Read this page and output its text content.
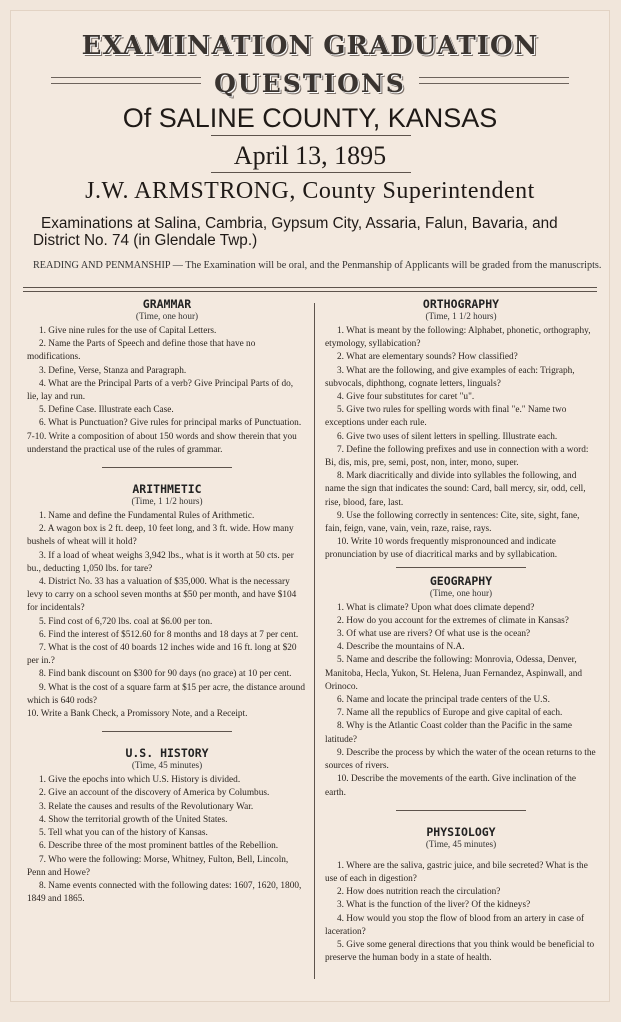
EXAMINATION GRADUATION
QUESTIONS
Of SALINE COUNTY, KANSAS
April 13, 1895
J.W. ARMSTRONG, County Superintendent
Examinations at Salina, Cambria, Gypsum City, Assaria, Falun, Bavaria, and District No. 74 (in Glendale Twp.)
READING AND PENMANSHIP — The Examination will be oral, and the Penmanship of Applicants will be graded from the manuscripts.
GRAMMAR
(Time, one hour)

1. Give nine rules for the use of Capital Letters.

2. Name the Parts of Speech and define those that have no modifications.

3. Define, Verse, Stanza and Paragraph.

4. What are the Principal Parts of a verb? Give Principal Parts of do, lie, lay and run.

5. Define Case. Illustrate each Case.

6. What is Punctuation? Give rules for principal marks of Punctuation.

7-10. Write a composition of about 150 words and show therein that you understand the practical use of the rules of grammar.

ARITHMETIC
(Time, 1 1/2 hours)

1. Name and define the Fundamental Rules of Arithmetic.

2. A wagon box is 2 ft. deep, 10 feet long, and 3 ft. wide. How many bushels of wheat will it hold?

3. If a load of wheat weighs 3,942 lbs., what is it worth at 50 cts. per bu., deducting 1,050 lbs. for tare?

4. District No. 33 has a valuation of $35,000. What is the necessary levy to carry on a school seven months at $50 per month, and have $104 for incidentals?

5. Find cost of 6,720 lbs. coal at $6.00 per ton.

6. Find the interest of $512.60 for 8 months and 18 days at 7 per cent.

7. What is the cost of 40 boards 12 inches wide and 16 ft. long at $20 per in.?

8. Find bank discount on $300 for 90 days (no grace) at 10 per cent.

9. What is the cost of a square farm at $15 per acre, the distance around which is 640 rods?

10. Write a Bank Check, a Promissory Note, and a Receipt.

U.S. HISTORY
(Time, 45 minutes)

1. Give the epochs into which U.S. History is divided.

2. Give an account of the discovery of America by Columbus.

3. Relate the causes and results of the Revolutionary War.

4. Show the territorial growth of the United States.

5. Tell what you can of the history of Kansas.

6. Describe three of the most prominent battles of the Rebellion.

7. Who were the following: Morse, Whitney, Fulton, Bell, Lincoln, Penn and Howe?

8. Name events connected with the following dates: 1607, 1620, 1800, 1849 and 1865.

ORTHOGRAPHY
(Time, 1 1/2 hours)

1. What is meant by the following: Alphabet, phonetic, orthography, etymology, syllabication?

2. What are elementary sounds? How classified?

3. What are the following, and give examples of each: Trigraph, subvocals, diphthong, cognate letters, linguals?

4. Give four substitutes for caret "u".

5. Give two rules for spelling words with final "e." Name two exceptions under each rule.

6. Give two uses of silent letters in spelling. Illustrate each.

7. Define the following prefixes and use in connection with a word: Bi, dis, mis, pre, semi, post, non, inter, mono, super.

8. Mark diacritically and divide into syllables the following, and name the sign that indicates the sound: Card, ball mercy, sir, odd, cell, rise, blood, fare, last.

9. Use the following correctly in sentences: Cite, site, sight, fane, fain, feign, vane, vain, vein, raze, raise, rays.

10. Write 10 words frequently mispronounced and indicate pronunciation by use of diacritical marks and by syllabication.

GEOGRAPHY
(Time, one hour)

1. What is climate? Upon what does climate depend?

2. How do you account for the extremes of climate in Kansas?

3. Of what use are rivers? Of what use is the ocean?

4. Describe the mountains of N.A.

5. Name and describe the following: Monrovia, Odessa, Denver, Manitoba, Hecla, Yukon, St. Helena, Juan Fernandez, Aspinwall, and Orinoco.

6. Name and locate the principal trade centers of the U.S.

7. Name all the republics of Europe and give capital of each.

8. Why is the Atlantic Coast colder than the Pacific in the same latitude?

9. Describe the process by which the water of the ocean returns to the sources of rivers.

10. Describe the movements of the earth. Give inclination of the earth.

PHYSIOLOGY
(Time, 45 minutes)

1. Where are the saliva, gastric juice, and bile secreted? What is the use of each in digestion?

2. How does nutrition reach the circulation?

3. What is the function of the liver? Of the kidneys?

4. How would you stop the flow of blood from an artery in case of laceration?

5. Give some general directions that you think would be beneficial to preserve the human body in a state of health.
